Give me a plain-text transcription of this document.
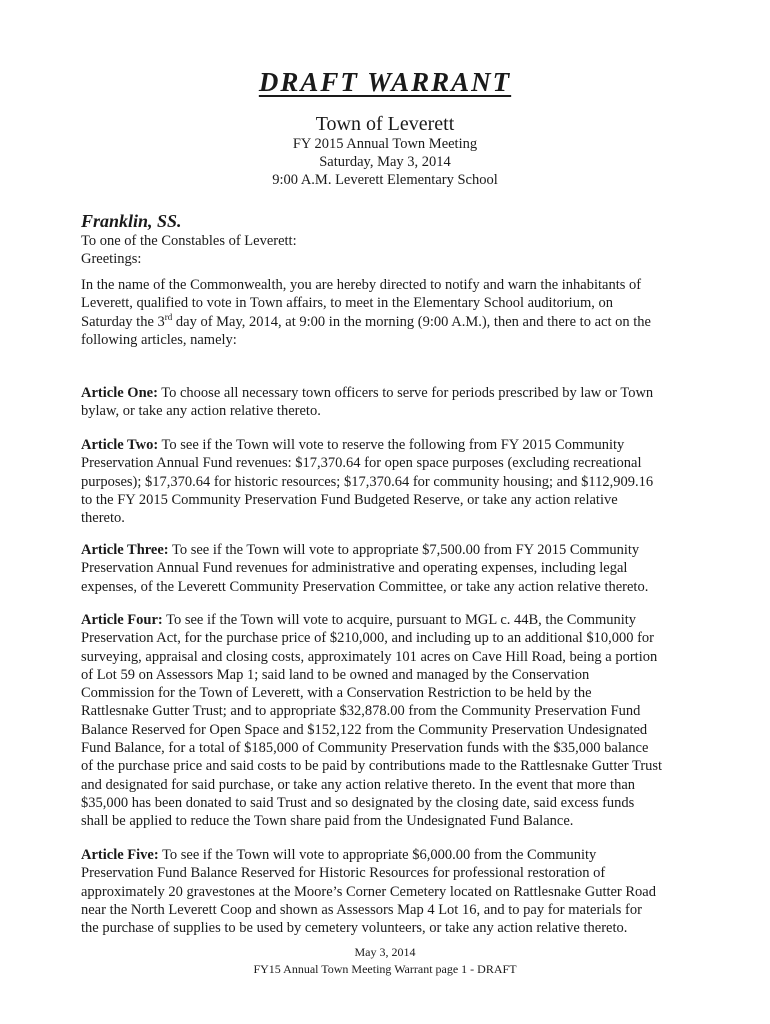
DRAFT WARRANT
Town of Leverett
FY 2015 Annual Town Meeting
Saturday, May 3, 2014
9:00 A.M. Leverett Elementary School
Franklin, SS.
To one of the Constables of Leverett:
Greetings:
In the name of the Commonwealth, you are hereby directed to notify and warn the inhabitants of
Leverett, qualified to vote in Town affairs, to meet in the Elementary School auditorium, on
Saturday the 3rd day of May, 2014, at 9:00 in the morning (9:00 A.M.), then and there to act on the
following articles, namely:
Article One: To choose all necessary town officers to serve for periods prescribed by law or Town
bylaw, or take any action relative thereto.
Article Two: To see if the Town will vote to reserve the following from FY 2015 Community
Preservation Annual Fund revenues: $17,370.64 for open space purposes (excluding recreational
purposes); $17,370.64 for historic resources; $17,370.64 for community housing; and $112,909.16
to the FY 2015 Community Preservation Fund Budgeted Reserve, or take any action relative
thereto.
Article Three: To see if the Town will vote to appropriate $7,500.00 from FY 2015 Community
Preservation Annual Fund revenues for administrative and operating expenses, including legal
expenses, of the Leverett Community Preservation Committee, or take any action relative thereto.
Article Four: To see if the Town will vote to acquire, pursuant to MGL c. 44B, the Community
Preservation Act, for the purchase price of $210,000, and including up to an additional $10,000 for
surveying, appraisal and closing costs, approximately 101 acres on Cave Hill Road, being a portion
of Lot 59 on Assessors Map 1; said land to be owned and managed by the Conservation
Commission for the Town of Leverett, with a Conservation Restriction to be held by the
Rattlesnake Gutter Trust; and to appropriate $32,878.00 from the Community Preservation Fund
Balance Reserved for Open Space and $152,122 from the Community Preservation Undesignated
Fund Balance, for a total of $185,000 of Community Preservation funds with the $35,000 balance
of the purchase price and said costs to be paid by contributions made to the Rattlesnake Gutter Trust
and designated for said purchase, or take any action relative thereto. In the event that more than
$35,000 has been donated to said Trust and so designated by the closing date, said excess funds
shall be applied to reduce the Town share paid from the Undesignated Fund Balance.
Article Five: To see if the Town will vote to appropriate $6,000.00 from the Community
Preservation Fund Balance Reserved for Historic Resources for professional restoration of
approximately 20 gravestones at the Moore’s Corner Cemetery located on Rattlesnake Gutter Road
near the North Leverett Coop and shown as Assessors Map 4 Lot 16, and to pay for materials for
the purchase of supplies to be used by cemetery volunteers, or take any action relative thereto.
May 3, 2014
FY15 Annual Town Meeting Warrant page 1 - DRAFT
